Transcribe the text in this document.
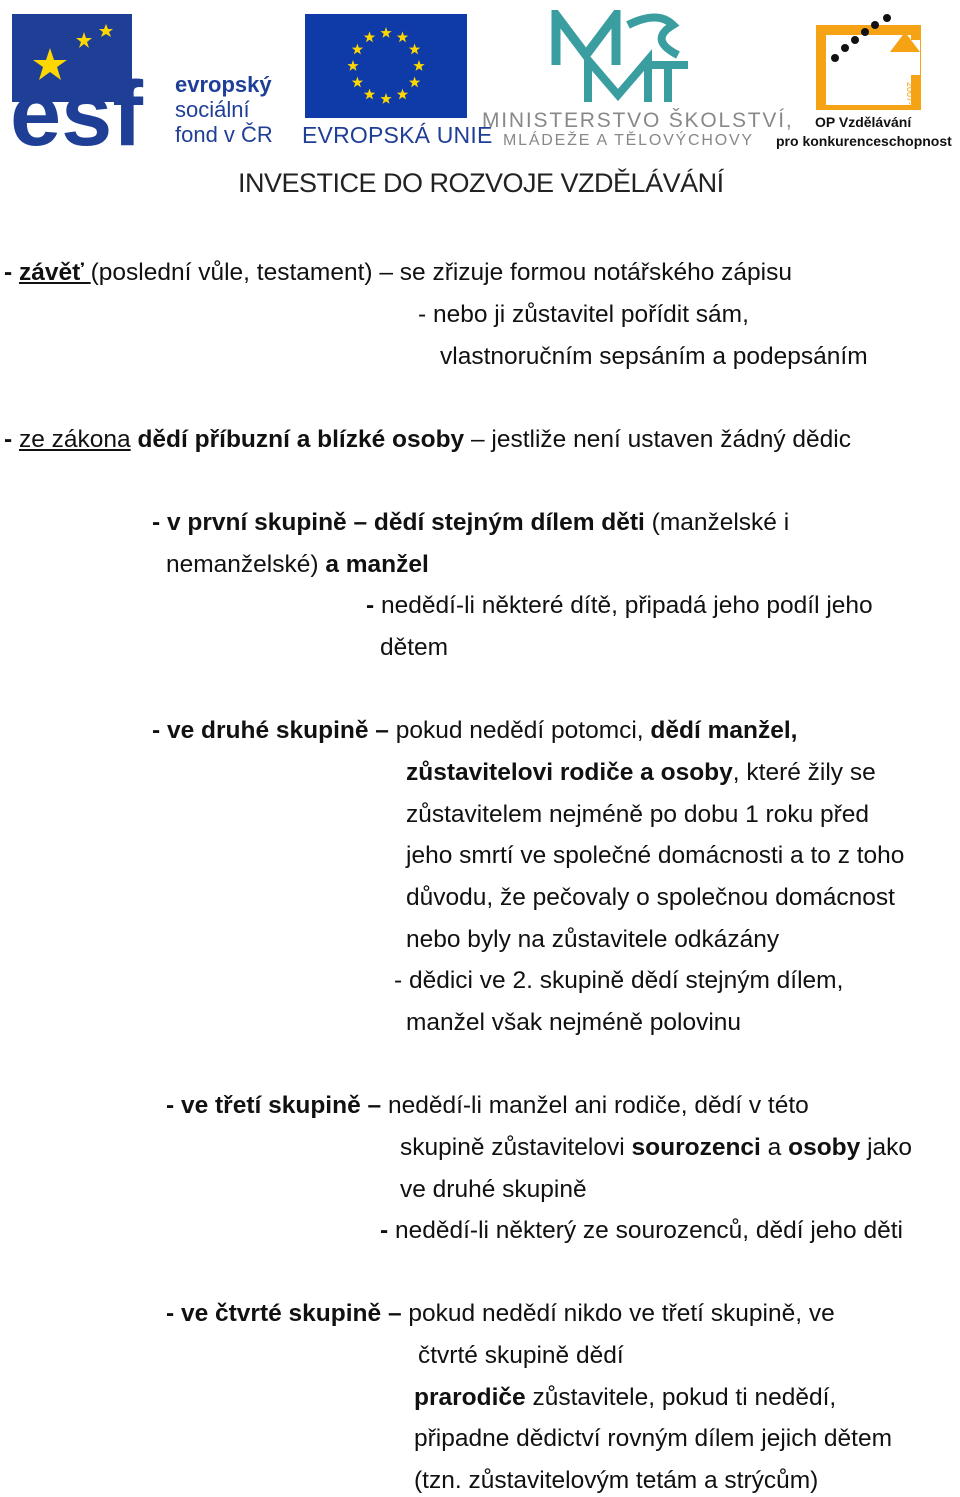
esf evropský
sociální
fond v ČR EVROPSKÁ UNIE
MINISTERSTVO ŠKOLSTVÍ,
MLÁDEŽE A TĚLOVÝCHOVY
2007-13
OP Vzdělávání
pro konkurenceschopnost
INVESTICE DO ROZVOJE VZDĚLÁVÁNÍ
- závěť (poslední vůle, testament) – se zřizuje formou notářského zápisu
- nebo ji zůstavitel pořídit sám,
vlastnoručním sepsáním a podepsáním
- ze zákona dědí příbuzní a blízké osoby – jestliže není ustaven žádný dědic
- v první skupině – dědí stejným dílem děti (manželské i
nemanželské) a manžel
- nedědí-li některé dítě, připadá jeho podíl jeho
dětem
- ve druhé skupině – pokud nedědí potomci, dědí manžel,
zůstavitelovi rodiče a osoby, které žily se
zůstavitelem nejméně po dobu 1 roku před
jeho smrtí ve společné domácnosti a to z toho
důvodu, že pečovaly o společnou domácnost
nebo byly na zůstavitele odkázány
- dědici ve 2. skupině dědí stejným dílem,
manžel však nejméně polovinu
- ve třetí skupině – nedědí-li manžel ani rodiče, dědí v této
skupině zůstavitelovi sourozenci a osoby jako
ve druhé skupině
- nedědí-li některý ze sourozenců, dědí jeho děti
- ve čtvrté skupině – pokud nedědí nikdo ve třetí skupině, ve
čtvrté skupině dědí
prarodiče zůstavitele, pokud ti nedědí,
připadne dědictví rovným dílem jejich dětem
(tzn. zůstavitelovým tetám a strýcům)
